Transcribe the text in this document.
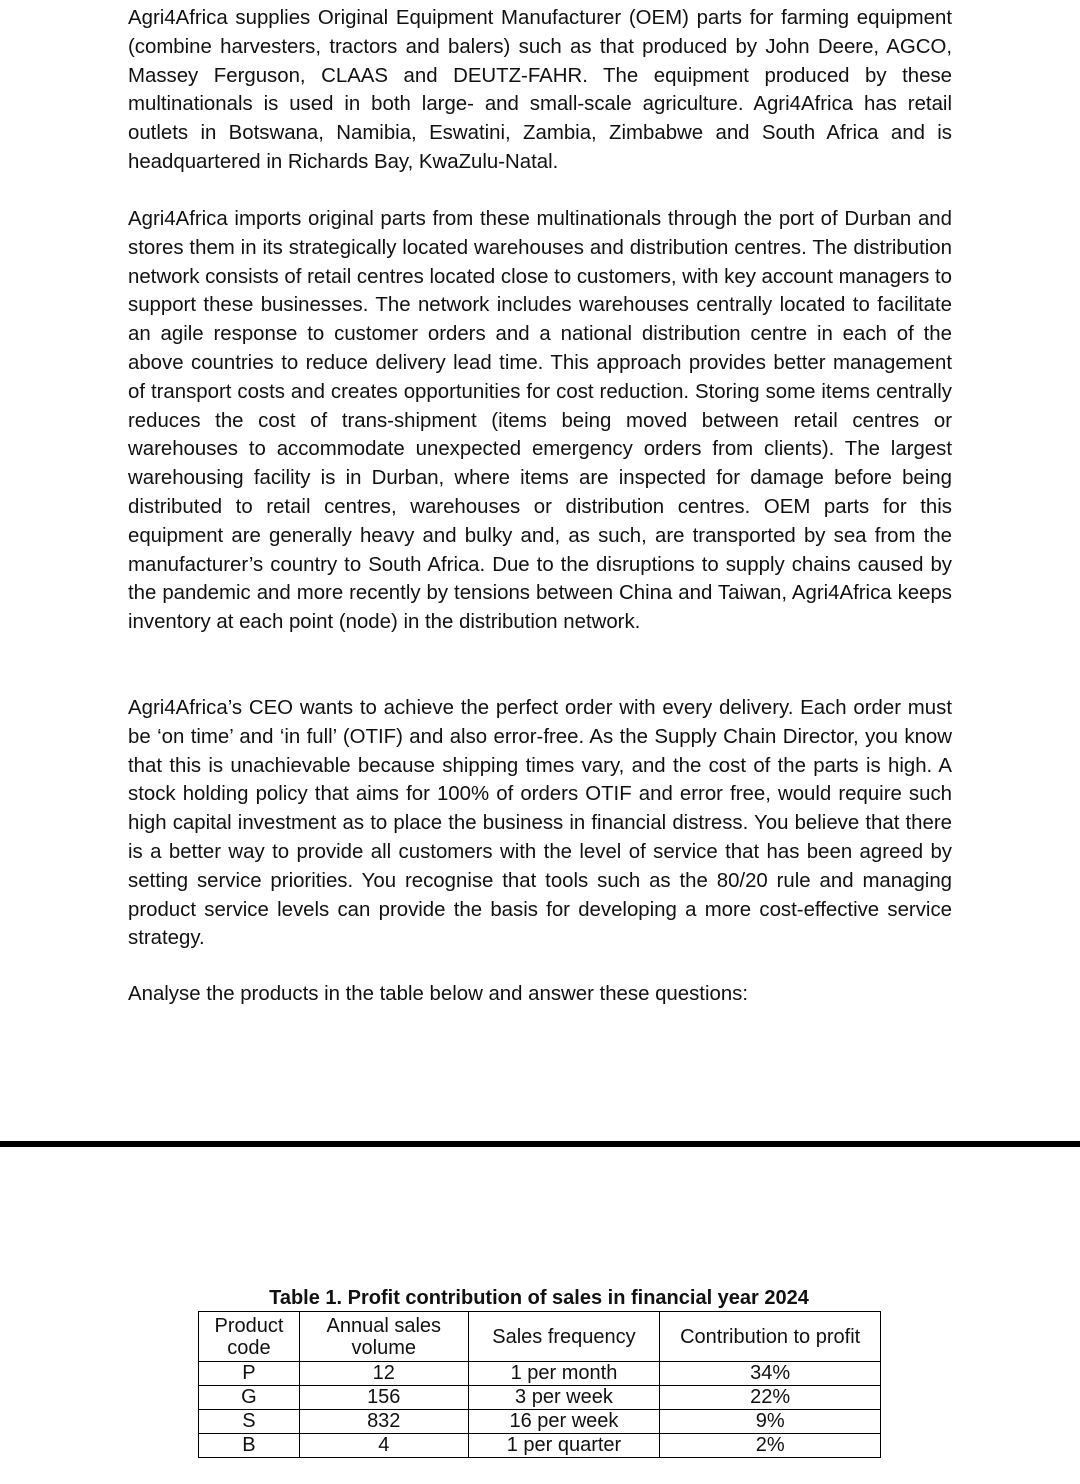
Agri4Africa supplies Original Equipment Manufacturer (OEM) parts for farming equipment (combine harvesters, tractors and balers) such as that produced by John Deere, AGCO, Massey Ferguson, CLAAS and DEUTZ-FAHR. The equipment produced by these multinationals is used in both large- and small-scale agriculture. Agri4Africa has retail outlets in Botswana, Namibia, Eswatini, Zambia, Zimbabwe and South Africa and is headquartered in Richards Bay, KwaZulu-Natal.

Agri4Africa imports original parts from these multinationals through the port of Durban and stores them in its strategically located warehouses and distribution centres. The distribution network consists of retail centres located close to customers, with key account managers to support these businesses. The network includes warehouses centrally located to facilitate an agile response to customer orders and a national distribution centre in each of the above countries to reduce delivery lead time. This approach provides better management of transport costs and creates opportunities for cost reduction. Storing some items centrally reduces the cost of trans-shipment (items being moved between retail centres or warehouses to accommodate unexpected emergency orders from clients). The largest warehousing facility is in Durban, where items are inspected for damage before being distributed to retail centres, warehouses or distribution centres. OEM parts for this equipment are generally heavy and bulky and, as such, are transported by sea from the manufacturer’s country to South Africa. Due to the disruptions to supply chains caused by the pandemic and more recently by tensions between China and Taiwan, Agri4Africa keeps inventory at each point (node) in the distribution network.

Agri4Africa’s CEO wants to achieve the perfect order with every delivery. Each order must be ‘on time’ and ‘in full’ (OTIF) and also error-free. As the Supply Chain Director, you know that this is unachievable because shipping times vary, and the cost of the parts is high. A stock holding policy that aims for 100% of orders OTIF and error free, would require such high capital investment as to place the business in financial distress. You believe that there is a better way to provide all customers with the level of service that has been agreed by setting service priorities. You recognise that tools such as the 80/20 rule and managing product service levels can provide the basis for developing a more cost-effective service strategy.

Analyse the products in the table below and answer these questions:

Table 1. Profit contribution of sales in financial year 2024

Product code	Annual sales volume	Sales frequency	Contribution to profit
P	12	1 per month	34%
G	156	3 per week	22%
S	832	16 per week	9%
B	4	1 per quarter	2%
